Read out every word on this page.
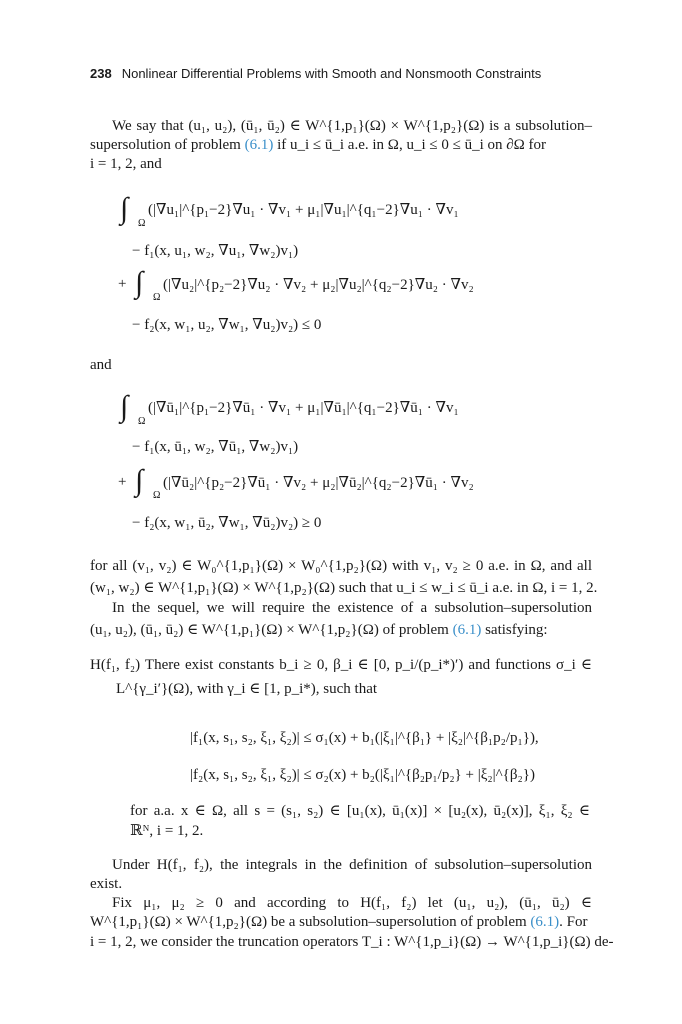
238 Nonlinear Differential Problems with Smooth and Nonsmooth Constraints
We say that (u₁, u₂), (ū₁, ū₂) ∈ W^{1,p₁}(Ω) × W^{1,p₂}(Ω) is a subsolution–
supersolution of problem (6.1) if u_i ≤ ū_i a.e. in Ω, u_i ≤ 0 ≤ ū_i on ∂Ω for
i = 1, 2, and
∫ Ω
(|∇u₁|^{p₁−2}∇u₁ · ∇v₁ + μ₁|∇u₁|^{q₁−2}∇u₁ · ∇v₁
− f₁(x, u₁, w₂, ∇u₁, ∇w₂)v₁)
+ ∫ Ω
(|∇u₂|^{p₂−2}∇u₂ · ∇v₂ + μ₂|∇u₂|^{q₂−2}∇u₂ · ∇v₂
− f₂(x, w₁, u₂, ∇w₁, ∇u₂)v₂) ≤ 0
and
∫ Ω
(|∇ū₁|^{p₁−2}∇ū₁ · ∇v₁ + μ₁|∇ū₁|^{q₁−2}∇ū₁ · ∇v₁
− f₁(x, ū₁, w₂, ∇ū₁, ∇w₂)v₁)
+ ∫ Ω
(|∇ū₂|^{p₂−2}∇ū₁ · ∇v₂ + μ₂|∇ū₂|^{q₂−2}∇ū₁ · ∇v₂
− f₂(x, w₁, ū₂, ∇w₁, ∇ū₂)v₂) ≥ 0
for all (v₁, v₂) ∈ W₀^{1,p₁}(Ω) × W₀^{1,p₂}(Ω) with v₁, v₂ ≥ 0 a.e. in Ω, and all
(w₁, w₂) ∈ W^{1,p₁}(Ω) × W^{1,p₂}(Ω) such that u_i ≤ w_i ≤ ū_i a.e. in Ω, i = 1, 2.
In the sequel, we will require the existence of a subsolution–supersolution
(u₁, u₂), (ū₁, ū₂) ∈ W^{1,p₁}(Ω) × W^{1,p₂}(Ω) of problem (6.1) satisfying:
H(f₁, f₂) There exist constants b_i ≥ 0, β_i ∈ [0, p_i/(p_i*)′) and functions σ_i ∈
L^{γ_i′}(Ω), with γ_i ∈ [1, p_i*), such that
|f₁(x, s₁, s₂, ξ₁, ξ₂)| ≤ σ₁(x) + b₁(|ξ₁|^{β₁} + |ξ₂|^{β₁p₂/p₁}),
|f₂(x, s₁, s₂, ξ₁, ξ₂)| ≤ σ₂(x) + b₂(|ξ₁|^{β₂p₁/p₂} + |ξ₂|^{β₂})
for a.a. x ∈ Ω, all s = (s₁, s₂) ∈ [u₁(x), ū₁(x)] × [u₂(x), ū₂(x)], ξ₁, ξ₂ ∈
ℝᴺ, i = 1, 2.
Under H(f₁, f₂), the integrals in the definition of subsolution–supersolution
exist.
Fix μ₁, μ₂ ≥ 0 and according to H(f₁, f₂) let (u₁, u₂), (ū₁, ū₂) ∈
W^{1,p₁}(Ω) × W^{1,p₂}(Ω) be a subsolution–supersolution of problem (6.1). For
i = 1, 2, we consider the truncation operators T_i : W^{1,p_i}(Ω) → W^{1,p_i}(Ω) de-
